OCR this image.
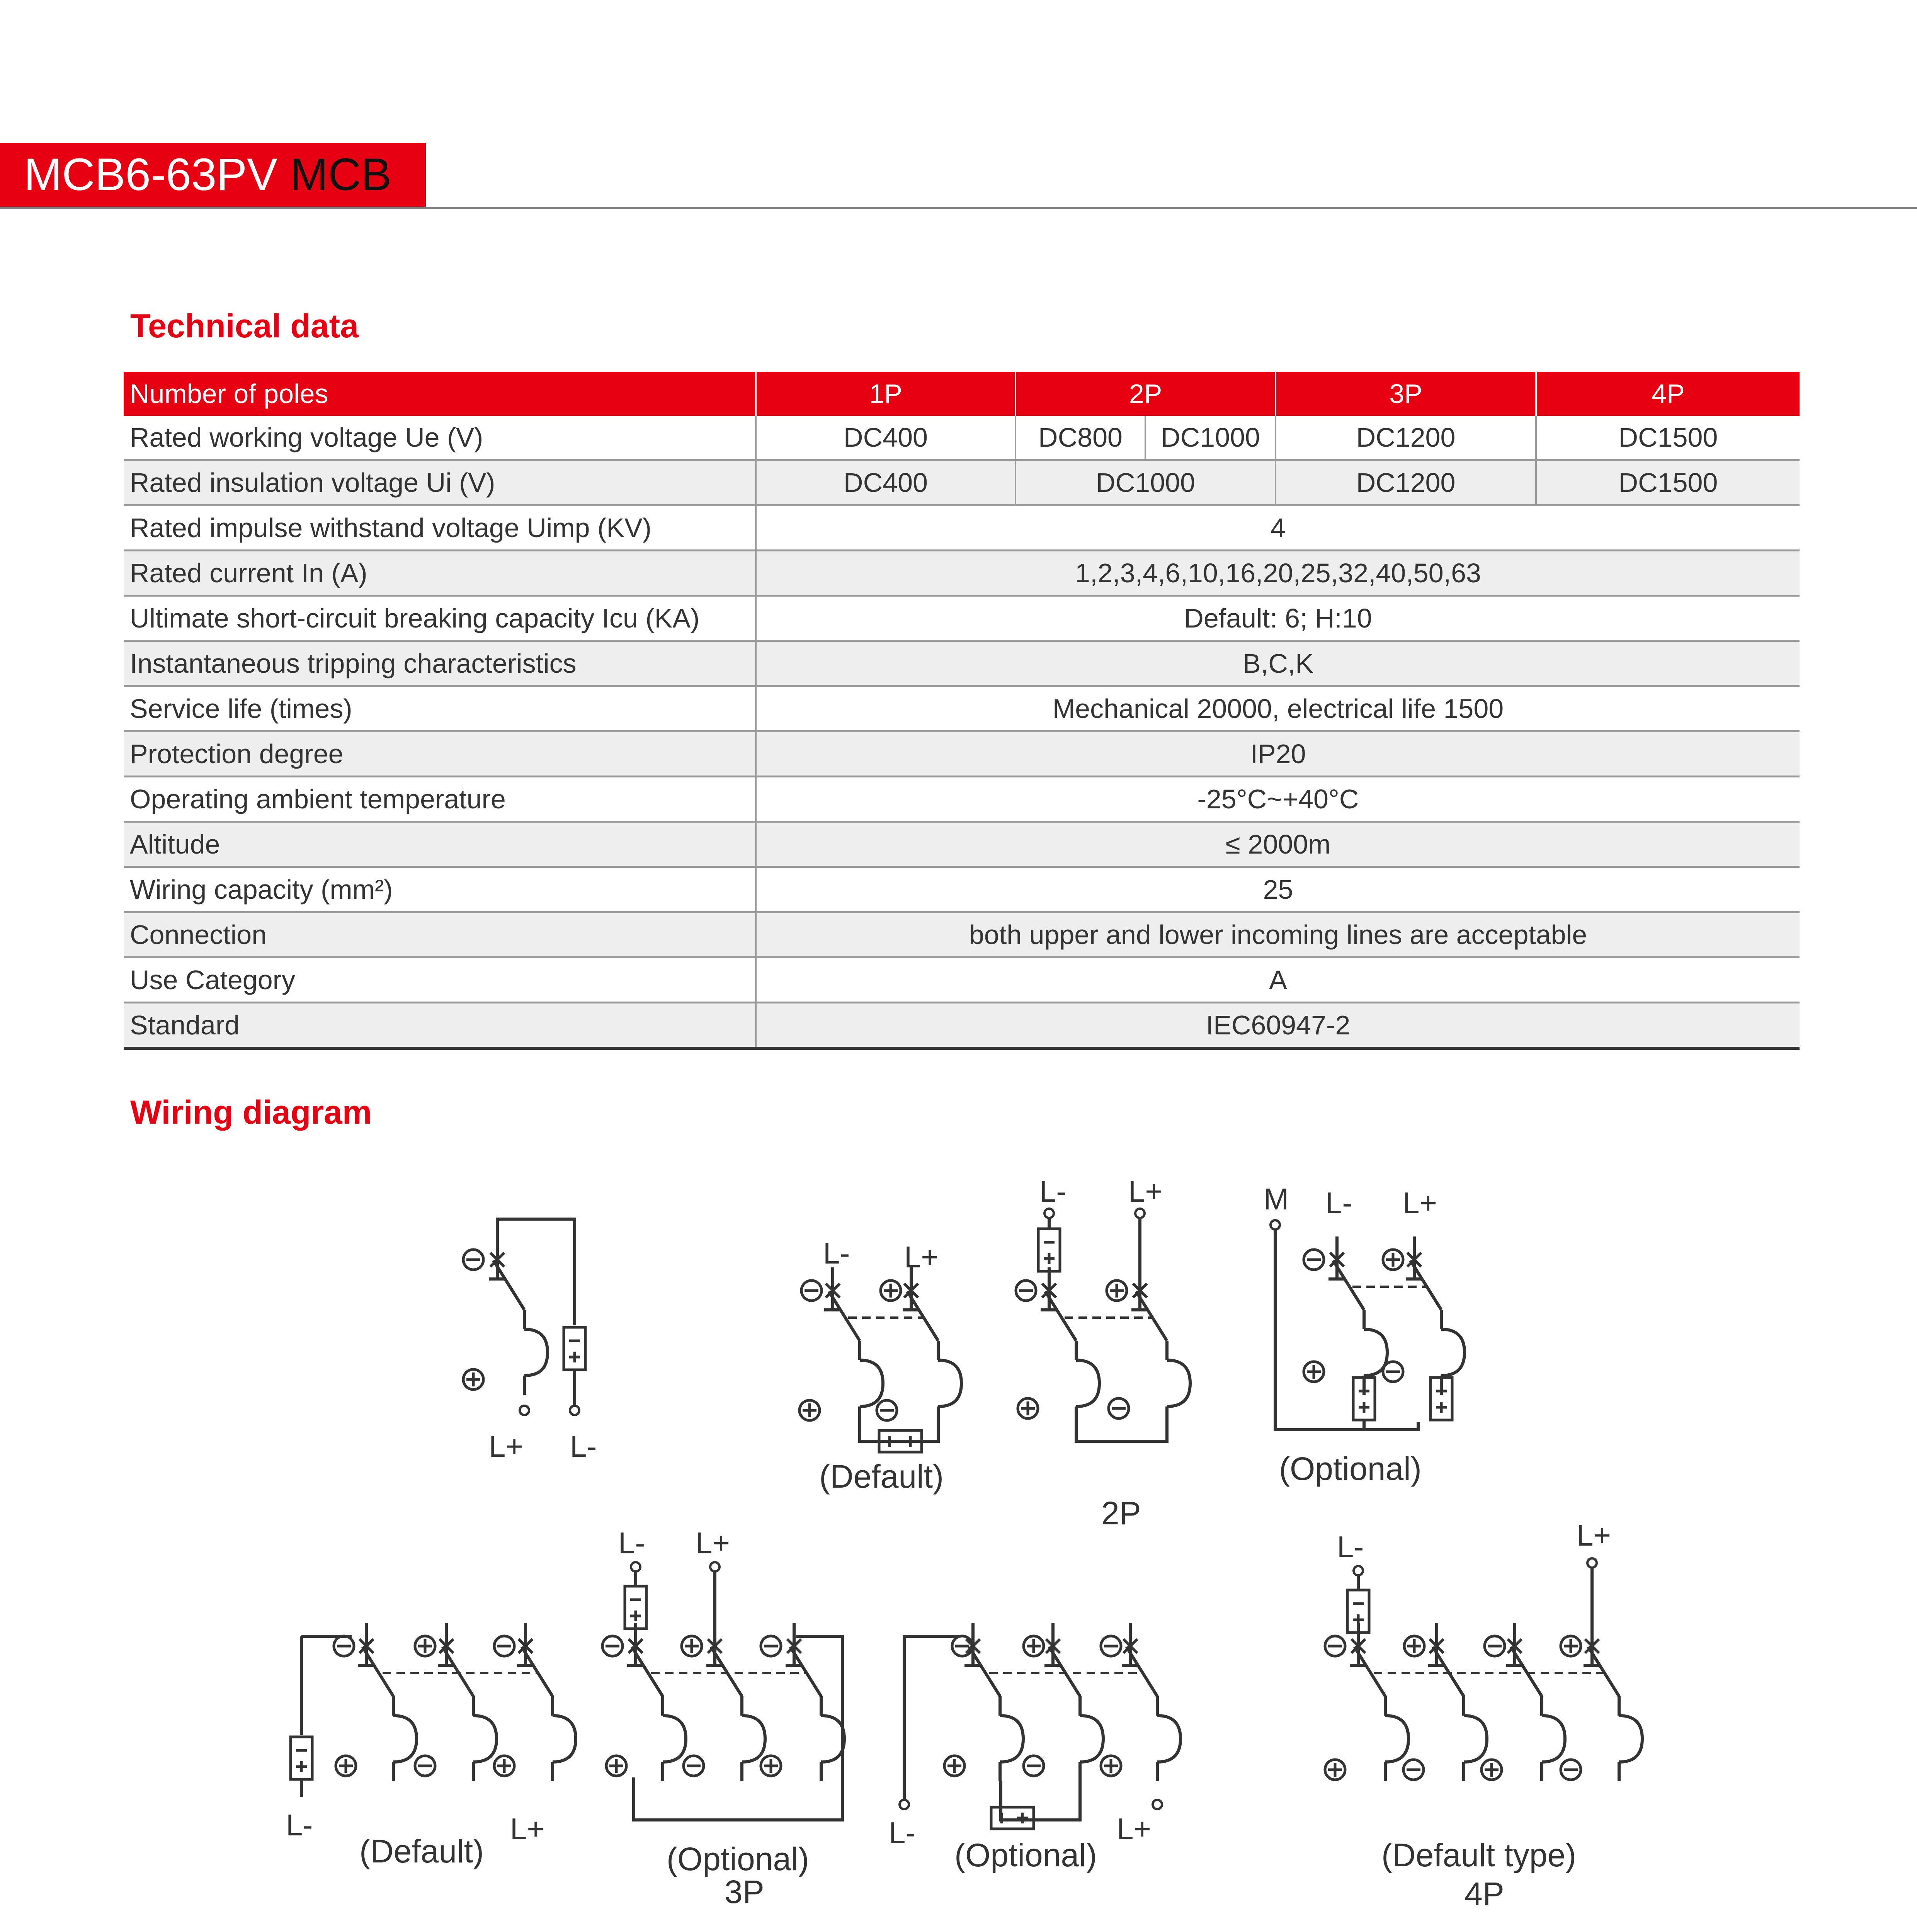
MCB6-63PV MCB
Technical data
Number of poles	1P	2P		3P	4P
Rated working voltage Ue (V)	DC400	DC800	DC1000	DC1200	DC1500
Rated insulation voltage Ui (V)	DC400	DC1000		DC1200	DC1500
Rated impulse withstand voltage Uimp (KV)	4				
Rated current In (A)	1,2,3,4,6,10,16,20,25,32,40,50,63				
Ultimate short-circuit breaking capacity Icu (KA)	Default: 6; H:10				
Instantaneous tripping characteristics	B,C,K				
Service life (times)	Mechanical 20000, electrical life 1500				
Protection degree	IP20				
Operating ambient temperature	-25°C~+40°C				
Altitude	≤ 2000m				
Wiring capacity (mm²)	25				
Connection	both upper and lower incoming lines are acceptable				
Use Category	A				
Standard	IEC60947-2				
Wiring diagram
L+ L-
L- L+
(Default)
L- L+
2P
M L- L+
(Optional)
L-	L+
(Default)
L- L+
(Optional)
3P
L-	L+
(Optional)
L-	L+
(Default type)
4P
